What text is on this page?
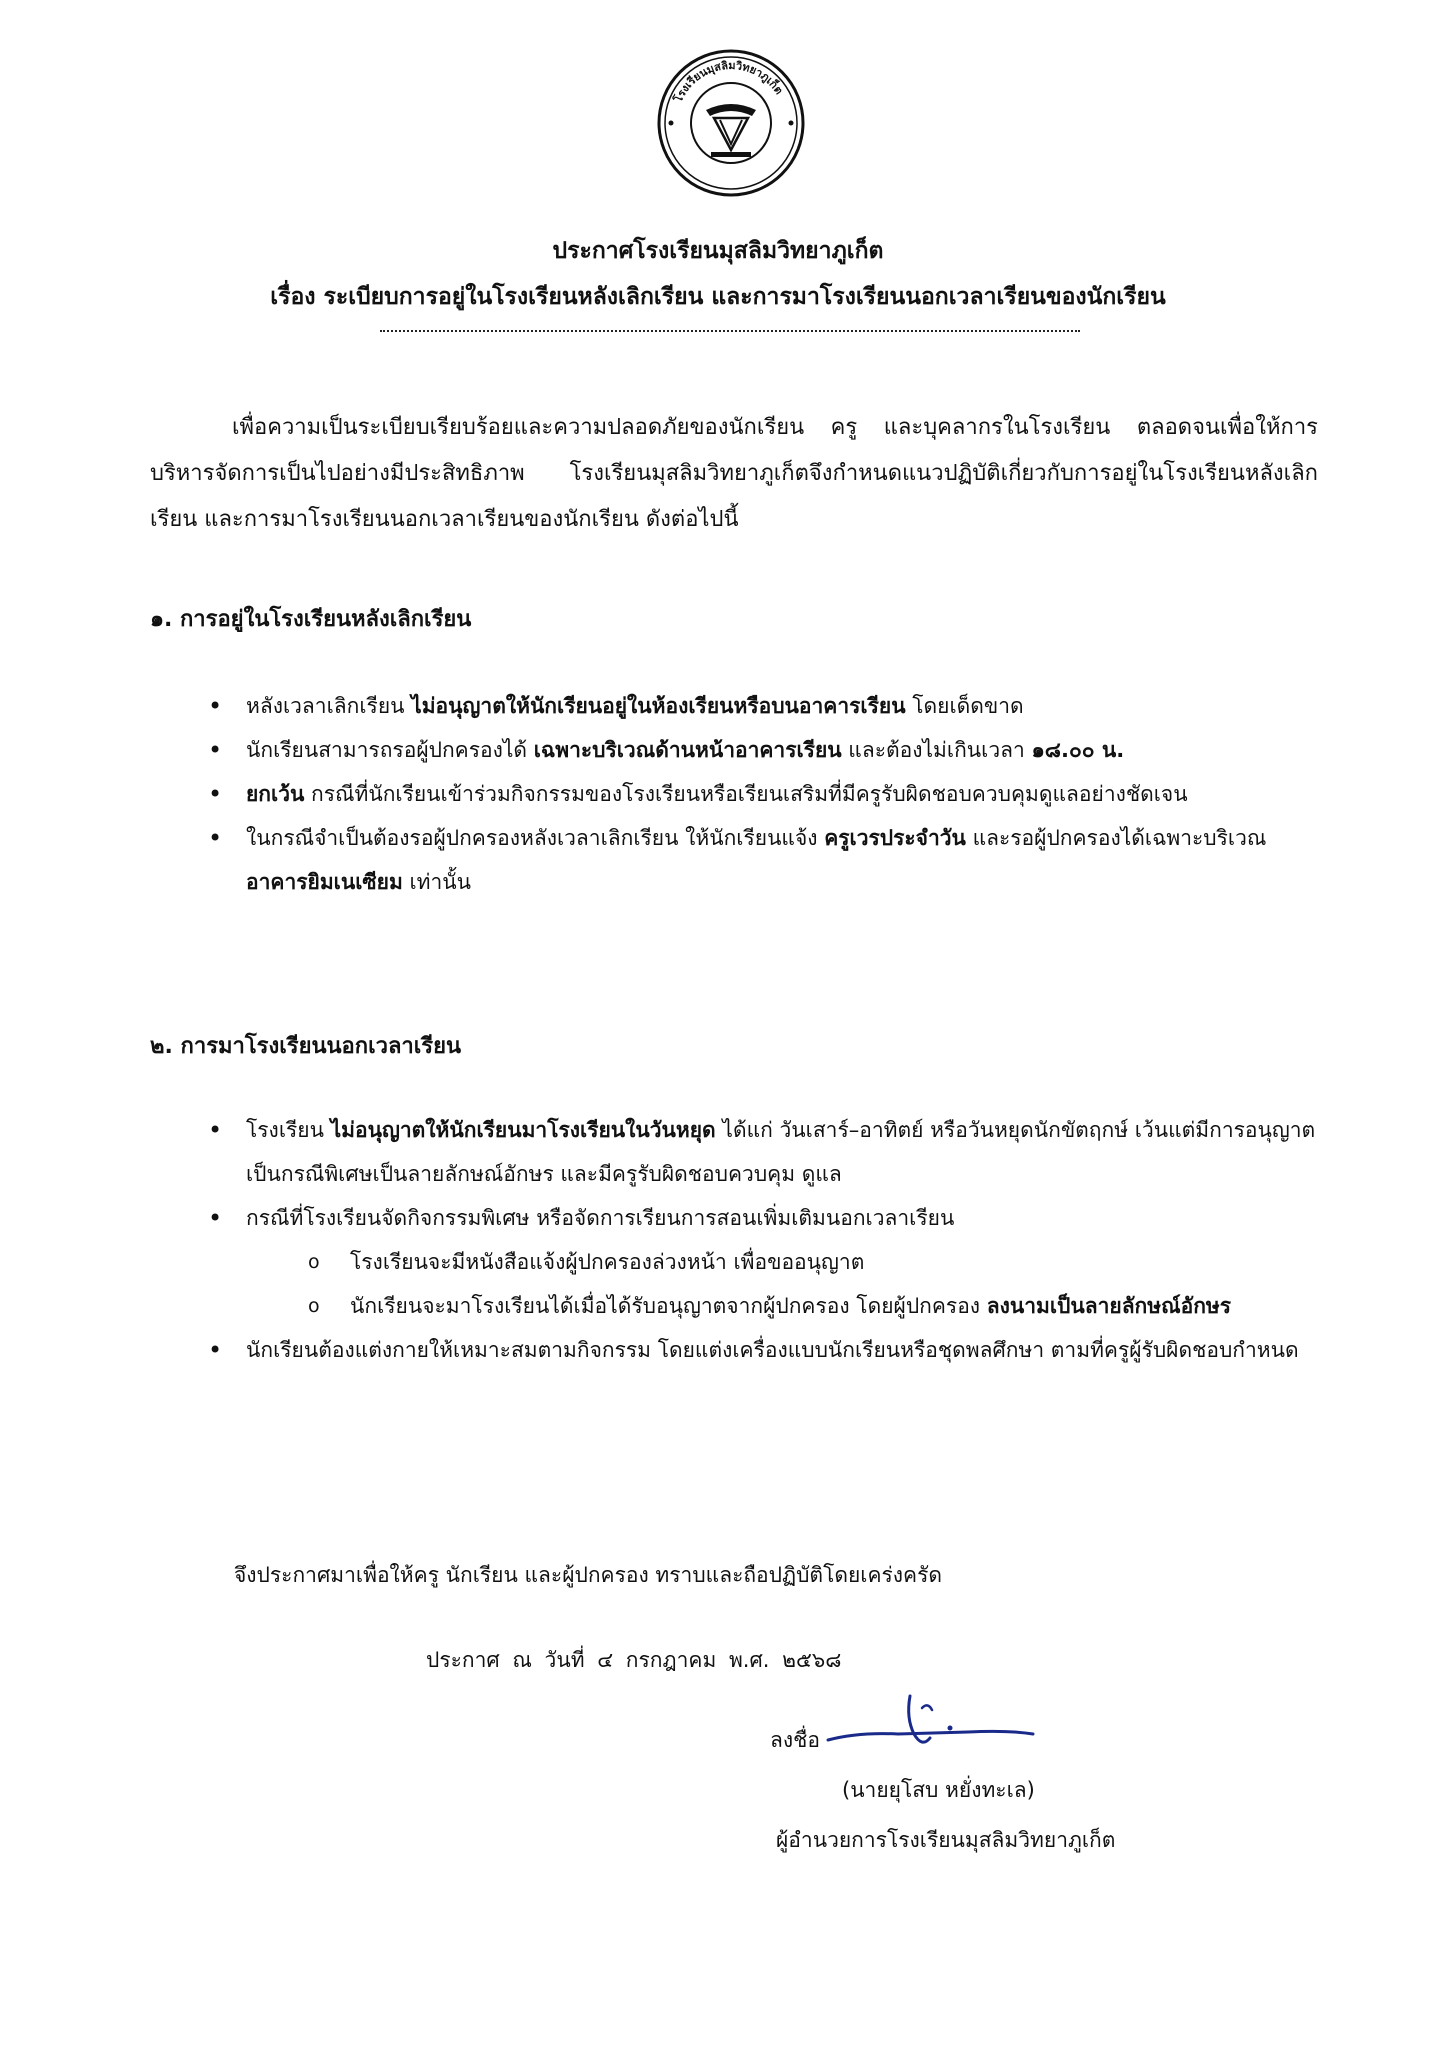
โรงเรียนมุสลิมวิทยาภูเก็ต
ประกาศโรงเรียนมุสลิมวิทยาภูเก็ต
เรื่อง ระเบียบการอยู่ในโรงเรียนหลังเลิกเรียน และการมาโรงเรียนนอกเวลาเรียนของนักเรียน
เพื่อความเป็นระเบียบเรียบร้อยและความปลอดภัยของนักเรียน ครู และบุคลากรในโรงเรียน ตลอดจนเพื่อให้การบริหารจัดการเป็นไปอย่างมีประสิทธิภาพ โรงเรียนมุสลิมวิทยาภูเก็ตจึงกำหนดแนวปฏิบัติเกี่ยวกับการอยู่ในโรงเรียนหลังเลิกเรียน และการมาโรงเรียนนอกเวลาเรียนของนักเรียน ดังต่อไปนี้
๑. การอยู่ในโรงเรียนหลังเลิกเรียน
• หลังเวลาเลิกเรียน ไม่อนุญาตให้นักเรียนอยู่ในห้องเรียนหรือบนอาคารเรียน โดยเด็ดขาด
• นักเรียนสามารถรอผู้ปกครองได้ เฉพาะบริเวณด้านหน้าอาคารเรียน และต้องไม่เกินเวลา ๑๘.๐๐ น.
• ยกเว้น กรณีที่นักเรียนเข้าร่วมกิจกรรมของโรงเรียนหรือเรียนเสริมที่มีครูรับผิดชอบควบคุมดูแลอย่างชัดเจน
• ในกรณีจำเป็นต้องรอผู้ปกครองหลังเวลาเลิกเรียน ให้นักเรียนแจ้ง ครูเวรประจำวัน และรอผู้ปกครองได้เฉพาะบริเวณ อาคารยิมเนเซียม เท่านั้น
๒. การมาโรงเรียนนอกเวลาเรียน
• โรงเรียน ไม่อนุญาตให้นักเรียนมาโรงเรียนในวันหยุด ได้แก่ วันเสาร์–อาทิตย์ หรือวันหยุดนักขัตฤกษ์ เว้นแต่มีการอนุญาตเป็นกรณีพิเศษเป็นลายลักษณ์อักษร และมีครูรับผิดชอบควบคุม ดูแล
• กรณีที่โรงเรียนจัดกิจกรรมพิเศษ หรือจัดการเรียนการสอนเพิ่มเติมนอกเวลาเรียน
o โรงเรียนจะมีหนังสือแจ้งผู้ปกครองล่วงหน้า เพื่อขออนุญาต
o นักเรียนจะมาโรงเรียนได้เมื่อได้รับอนุญาตจากผู้ปกครอง โดยผู้ปกครอง ลงนามเป็นลายลักษณ์อักษร
• นักเรียนต้องแต่งกายให้เหมาะสมตามกิจกรรม โดยแต่งเครื่องแบบนักเรียนหรือชุดพลศึกษา ตามที่ครูผู้รับผิดชอบกำหนด
จึงประกาศมาเพื่อให้ครู นักเรียน และผู้ปกครอง ทราบและถือปฏิบัติโดยเคร่งครัด
ประกาศ ณ วันที่ ๔ กรกฎาคม พ.ศ. ๒๕๖๘
ลงชื่อ
(นายยุโสบ หยั่งทะเล)
ผู้อำนวยการโรงเรียนมุสลิมวิทยาภูเก็ต
